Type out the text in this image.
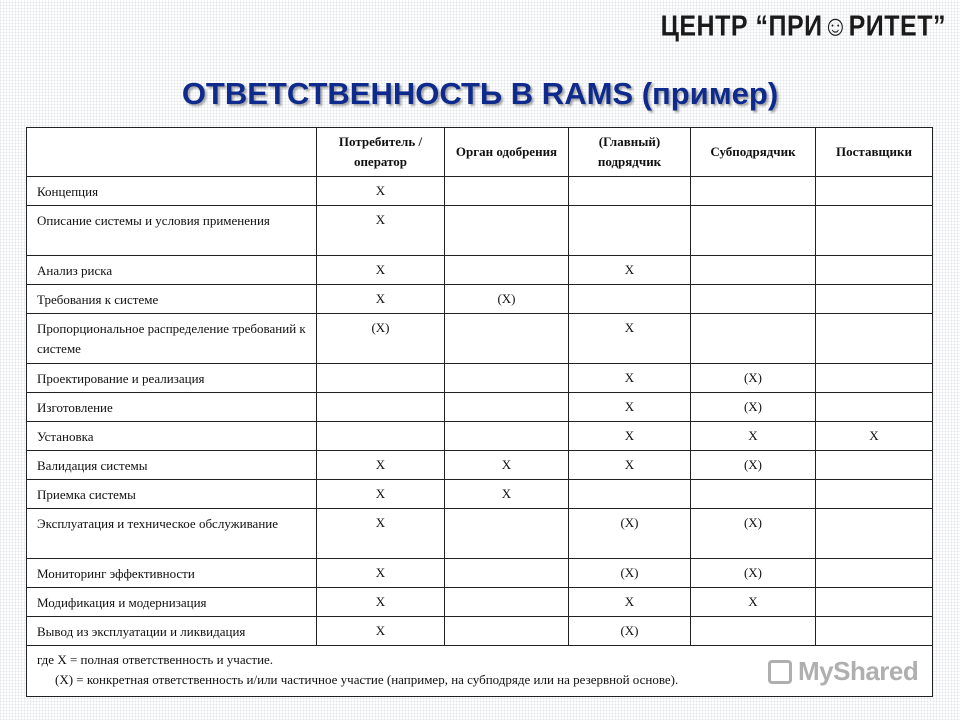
ЦЕНТР “ПРИ☺РИТЕТ”
ОТВЕТСТВЕННОСТЬ В RAMS (пример)
	Потребитель / оператор	Орган одобрения	(Главный) подрядчик	Субподрядчик	Поставщики
Концепция	X				
Описание системы и условия применения	X				
Анализ риска	X		X		
Требования к системе	X	(X)			
Пропорциональное распределение требований к системе	(X)		X		
Проектирование и реализация			X	(X)	
Изготовление			X	(X)	
Установка			X	X	X
Валидация системы	X	X	X	(X)	
Приемка системы	X	X			
Эксплуатация и техническое обслуживание	X		(X)	(X)	
Мониторинг эффективности	X		(X)	(X)	
Модификация и модернизация	X		X	X	
Вывод из эксплуатации и ликвидация	X		(X)		

где X = полная ответственность и участие.
(X) = конкретная ответственность и/или частичное участие (например, на субподряде или на резервной основе).						MyShared
